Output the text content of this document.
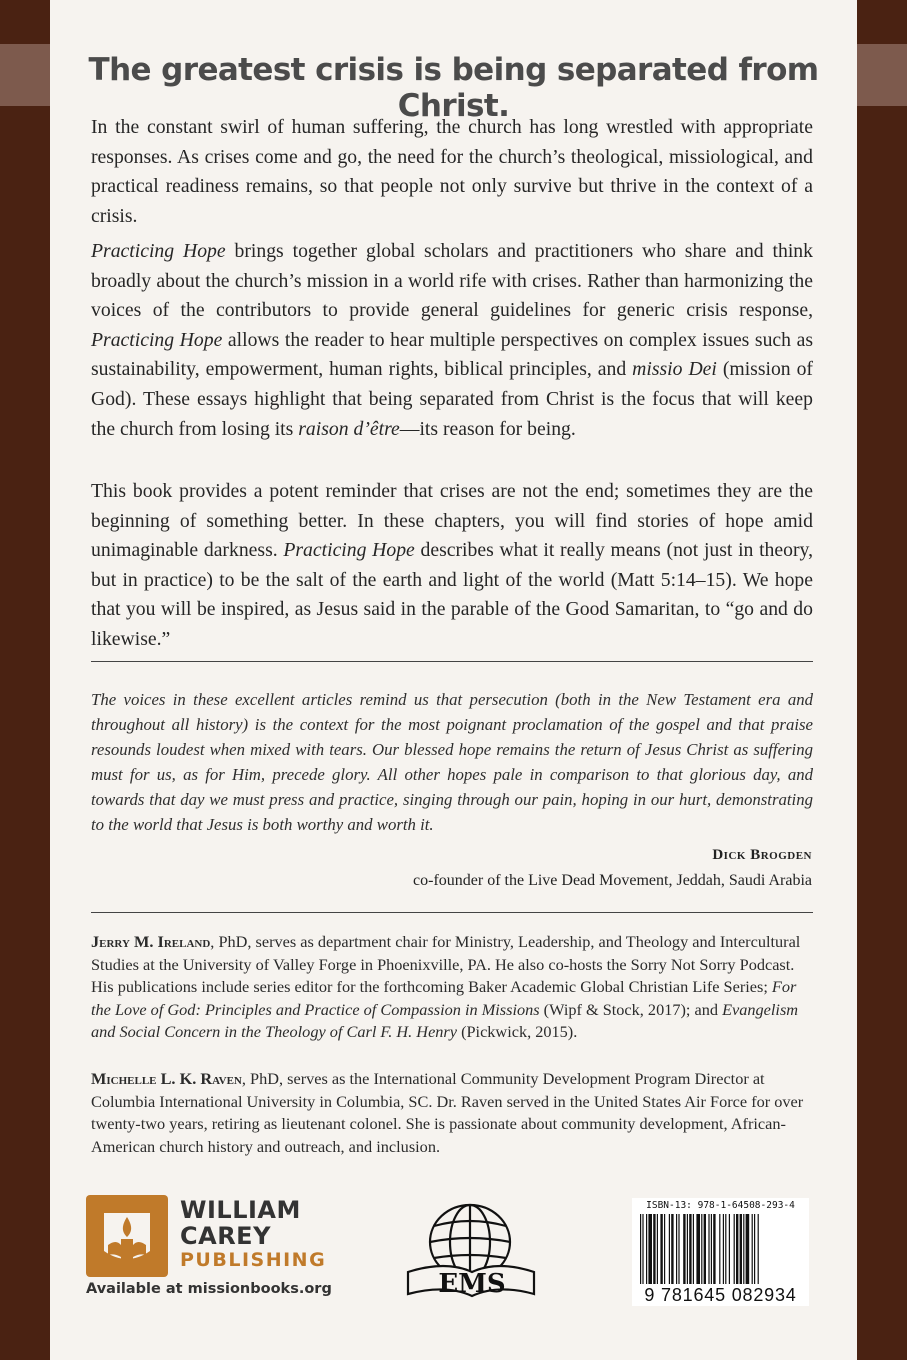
The greatest crisis is being separated from Christ.
In the constant swirl of human suffering, the church has long wrestled with appropriate responses. As crises come and go, the need for the church’s theological, missiological, and practical readiness remains, so that people not only survive but thrive in the context of a crisis.
Practicing Hope brings together global scholars and practitioners who share and think broadly about the church’s mission in a world rife with crises. Rather than harmonizing the voices of the contributors to provide general guidelines for generic crisis response, Practicing Hope allows the reader to hear multiple perspectives on complex issues such as sustainability, empowerment, human rights, biblical principles, and missio Dei (mission of God). These essays highlight that being separated from Christ is the focus that will keep the church from losing its raison d’être—its reason for being.
This book provides a potent reminder that crises are not the end; sometimes they are the beginning of something better. In these chapters, you will find stories of hope amid unimaginable darkness. Practicing Hope describes what it really means (not just in theory, but in practice) to be the salt of the earth and light of the world (Matt 5:14–15). We hope that you will be inspired, as Jesus said in the parable of the Good Samaritan, to “go and do likewise.”
The voices in these excellent articles remind us that persecution (both in the New Testament era and throughout all history) is the context for the most poignant proclamation of the gospel and that praise resounds loudest when mixed with tears. Our blessed hope remains the return of Jesus Christ as suffering must for us, as for Him, precede glory. All other hopes pale in comparison to that glorious day, and towards that day we must press and practice, singing through our pain, hoping in our hurt, demonstrating to the world that Jesus is both worthy and worth it.
Dick Brogden
co-founder of the Live Dead Movement, Jeddah, Saudi Arabia
Jerry M. Ireland, PhD, serves as department chair for Ministry, Leadership, and Theology and Intercultural Studies at the University of Valley Forge in Phoenixville, PA. He also co-hosts the Sorry Not Sorry Podcast. His publications include series editor for the forthcoming Baker Academic Global Christian Life Series; For the Love of God: Principles and Practice of Compassion in Missions (Wipf & Stock, 2017); and Evangelism and Social Concern in the Theology of Carl F. H. Henry (Pickwick, 2015).
Michelle L. K. Raven, PhD, serves as the International Community Development Program Director at Columbia International University in Columbia, SC. Dr. Raven served in the United States Air Force for over twenty-two years, retiring as lieutenant colonel. She is passionate about community development, African-American church history and outreach, and inclusion.
WILLIAM
CAREY
PUBLISHING
Available at missionbooks.org	EMS
ISBN-13: 978-1-64508-293-4
9 781645 082934
